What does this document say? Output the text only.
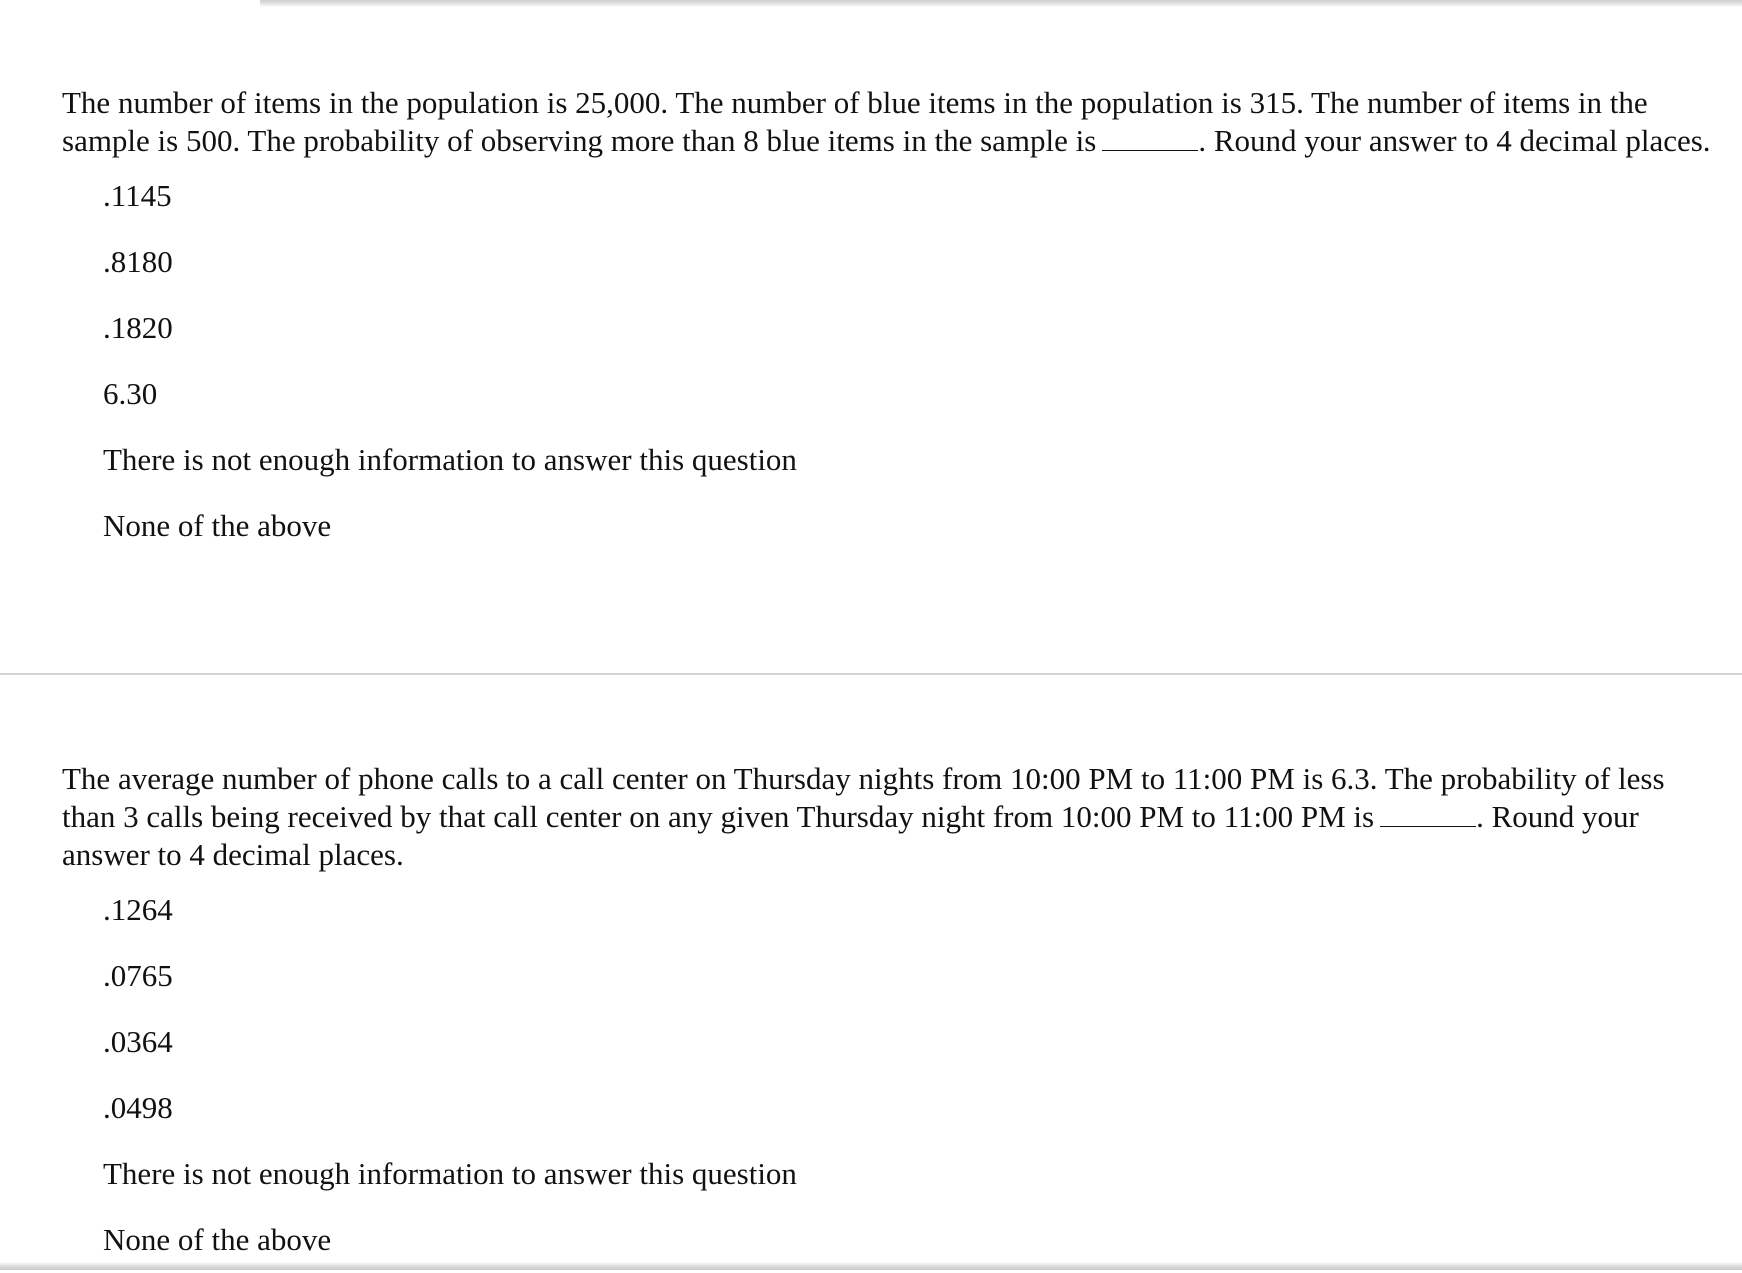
The number of items in the population is 25,000. The number of blue items in the population is 315. The number of items in the sample is 500. The probability of observing more than 8 blue items in the sample is	. Round your answer to 4 decimal places.

.1145
.8180
.1820
6.30
There is not enough information to answer this question
None of the above

The average number of phone calls to a call center on Thursday nights from 10:00 PM to 11:00 PM is 6.3. The probability of less than 3 calls being received by that call center on any given Thursday night from 10:00 PM to 11:00 PM is	. Round your answer to 4 decimal places.

.1264
.0765
.0364
.0498
There is not enough information to answer this question
None of the above
